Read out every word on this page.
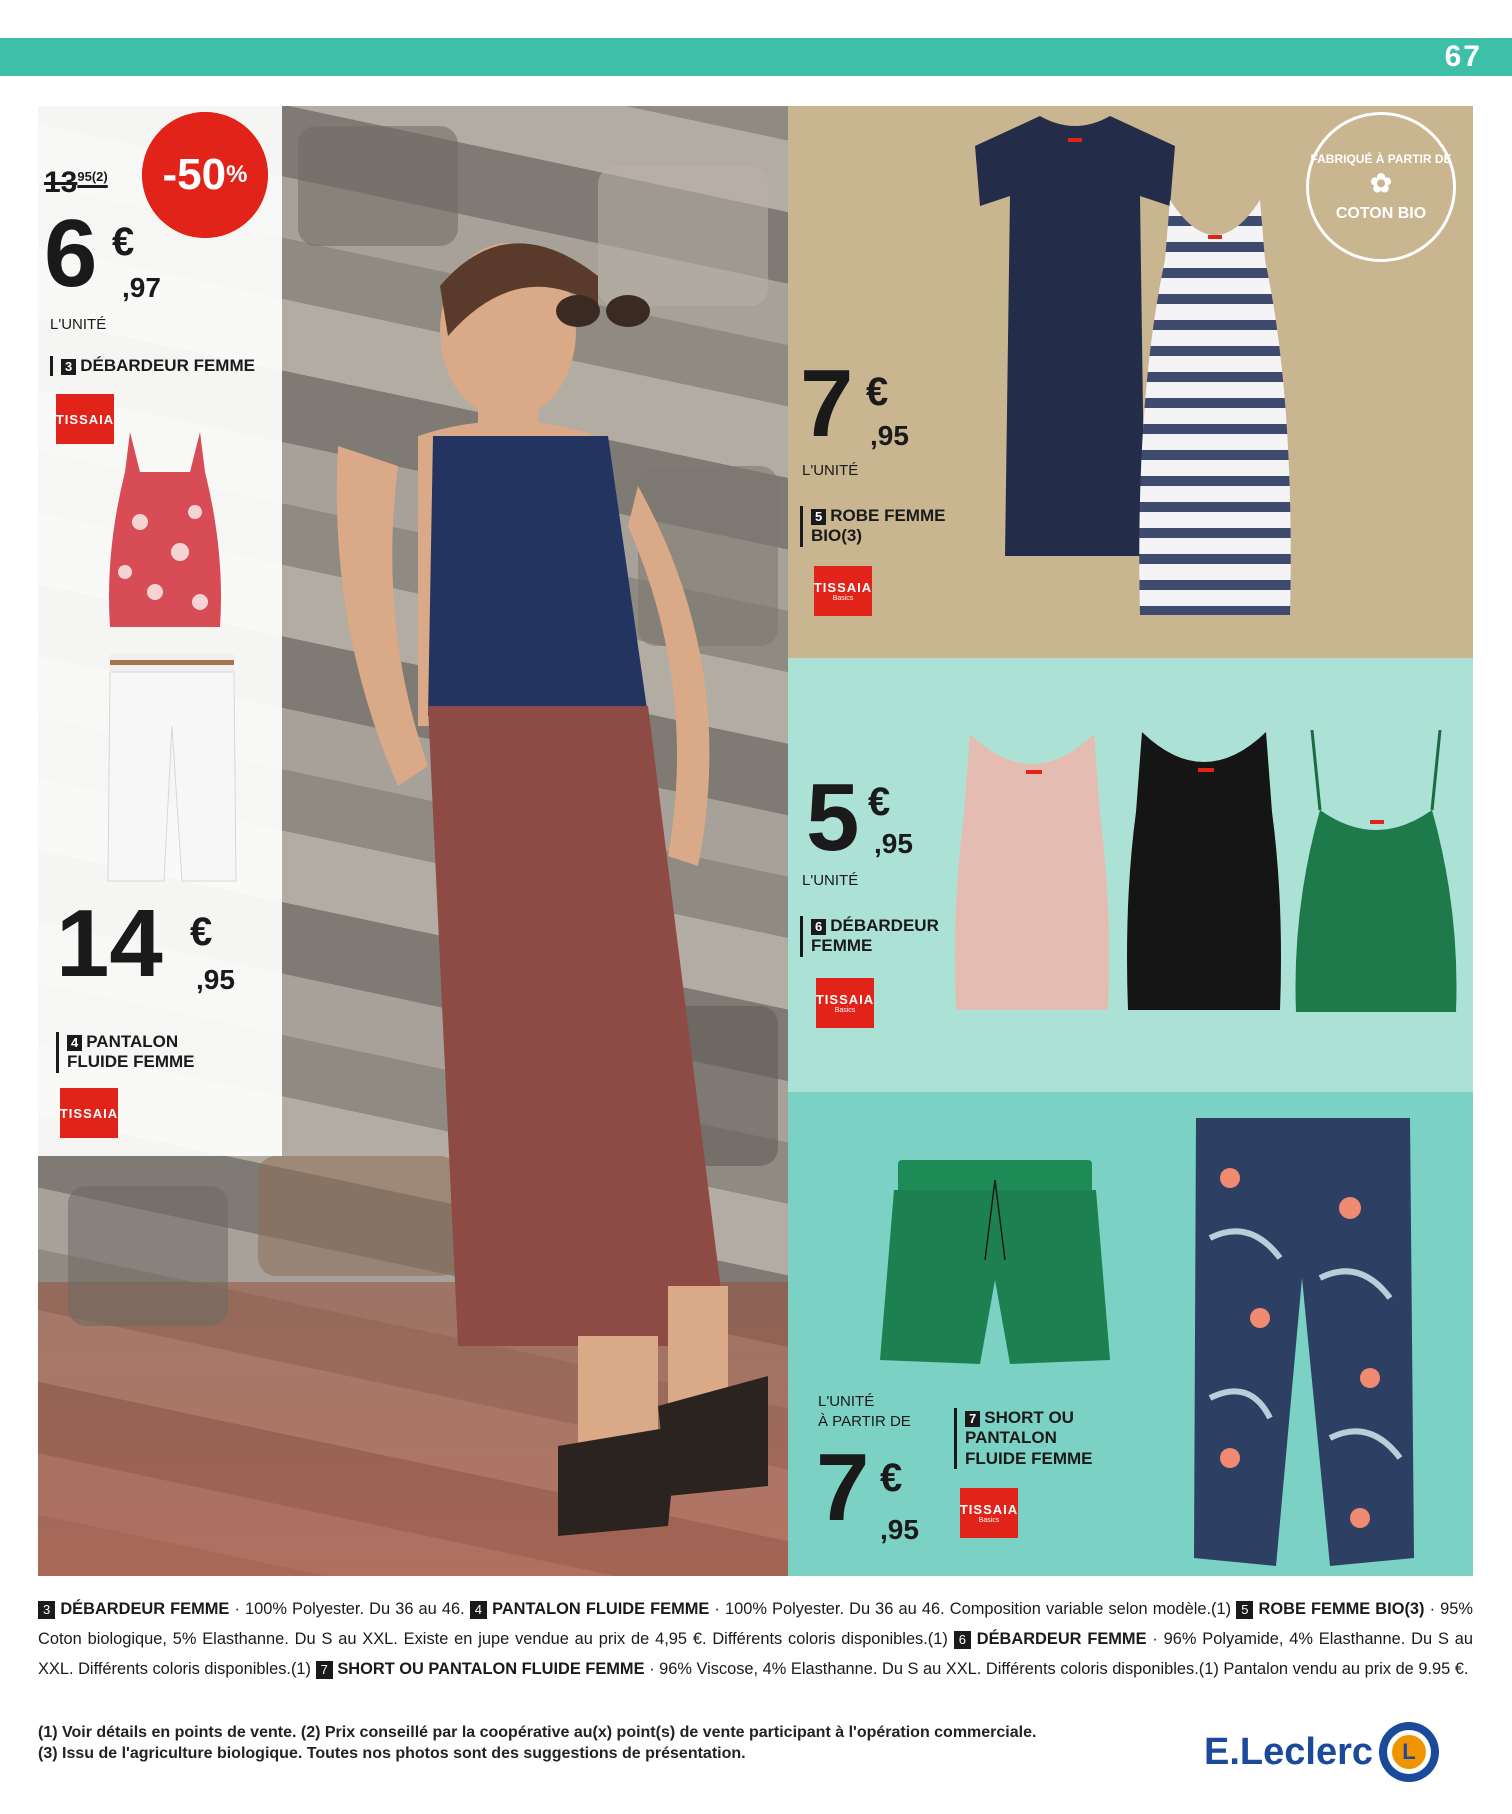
67
$13^{95(2)}$ -50 %
6 €
,97
L'UNITÉ
3 DÉBARDEUR FEMME
TISSAIA
14 €
,95
4 PANTALON FLUIDE FEMME
TISSAIA
FABRIQUÉ À PARTIR DE
✿
COTON BIO
7 €
,95
L'UNITÉ
5 ROBE FEMME BIO(3)
TISSAIA
Basics
5 €
,95
L'UNITÉ
6 DÉBARDEUR FEMME
TISSAIA
Basics
L'UNITÉ
À PARTIR DE
7 €
,95
7 SHORT OU PANTALON FLUIDE FEMME
TISSAIA
Basics
3 DÉBARDEUR FEMME · 100% Polyester. Du 36 au 46. 4 PANTALON FLUIDE FEMME · 100% Polyester. Du 36 au 46. Composition variable selon modèle.(1) 5 ROBE FEMME BIO(3) · 95% Coton biologique, 5% Elasthanne. Du S au XXL. Existe en jupe vendue au prix de 4,95 €. Différents coloris disponibles.(1) 6 DÉBARDEUR FEMME · 96% Polyamide, 4% Elasthanne. Du S au XXL. Différents coloris disponibles.(1) 7 SHORT OU PANTALON FLUIDE FEMME · 96% Viscose, 4% Elasthanne. Du S au XXL. Différents coloris disponibles.(1) Pantalon vendu au prix de 9.95 €.
(1) Voir détails en points de vente. (2) Prix conseillé par la coopérative au(x) point(s) de vente participant à l'opération commerciale.
(3) Issu de l'agriculture biologique. Toutes nos photos sont des suggestions de présentation.	E.Leclerc	L
